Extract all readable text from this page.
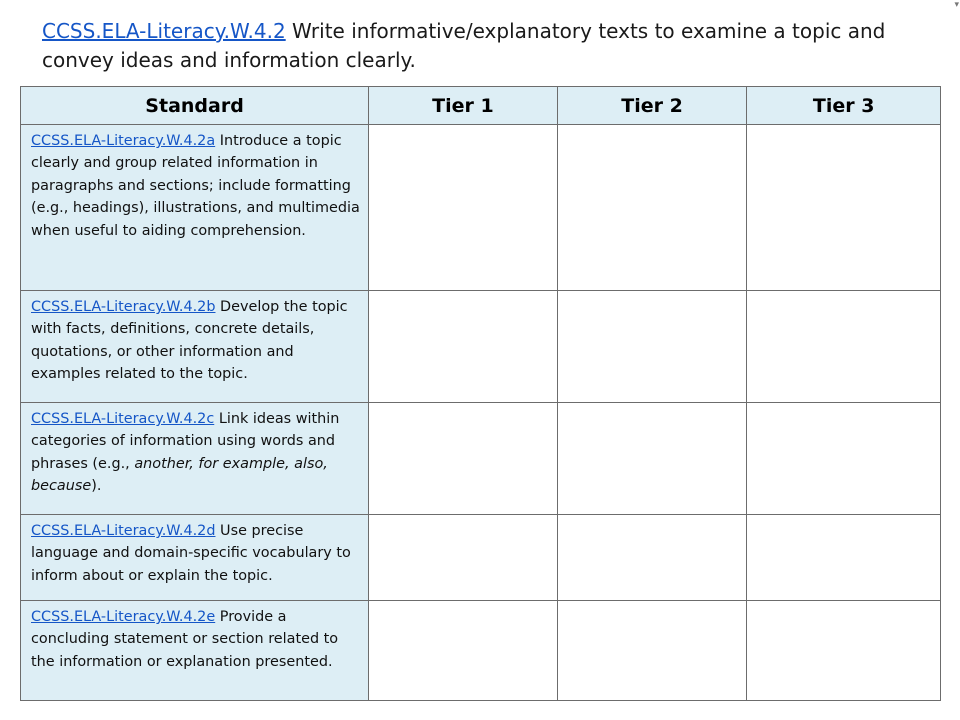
▾
CCSS.ELA-Literacy.W.4.2 Write informative/explanatory texts to examine a topic and convey ideas and information clearly.
Standard	Tier 1	Tier 2	Tier 3
CCSS.ELA-Literacy.W.4.2a Introduce a topic clearly and group related information in paragraphs and sections; include formatting (e.g., headings), illustrations, and multimedia when useful to aiding comprehension.			
CCSS.ELA-Literacy.W.4.2b Develop the topic with facts, definitions, concrete details, quotations, or other information and examples related to the topic.			
CCSS.ELA-Literacy.W.4.2c Link ideas within categories of information using words and phrases (e.g., another, for example, also, because).			
CCSS.ELA-Literacy.W.4.2d Use precise language and domain-specific vocabulary to inform about or explain the topic.			
CCSS.ELA-Literacy.W.4.2e Provide a concluding statement or section related to the information or explanation presented.			
